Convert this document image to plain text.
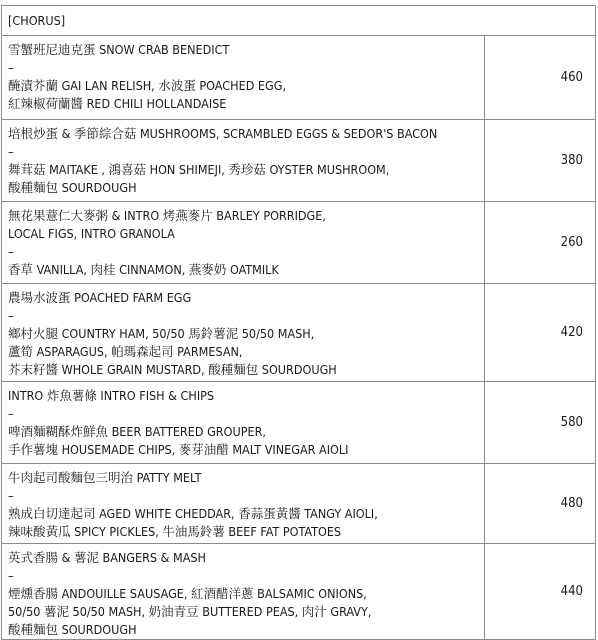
[CHORUS]
雪蟹班尼迪克蛋 SNOW CRAB BENEDICT
–
醃漬芥蘭 GAI LAN RELISH, 水波蛋 POACHED EGG,
紅辣椒荷蘭醬 RED CHILI HOLLANDAISE
460
培根炒蛋 & 季節綜合菇 MUSHROOMS, SCRAMBLED EGGS & SEDOR'S BACON
–
舞茸菇 MAITAKE , 鴻喜菇 HON SHIMEJI, 秀珍菇 OYSTER MUSHROOM,
酸種麵包 SOURDOUGH
380
無花果薏仁大麥粥 & INTRO 烤燕麥片 BARLEY PORRIDGE,
LOCAL FIGS, INTRO GRANOLA
–
香草 VANILLA, 肉桂 CINNAMON, 燕麥奶 OATMILK
260
農場水波蛋 POACHED FARM EGG
–
鄉村火腿 COUNTRY HAM, 50/50 馬鈴薯泥 50/50 MASH,
蘆筍 ASPARAGUS, 帕瑪森起司 PARMESAN,
芥末籽醬 WHOLE GRAIN MUSTARD, 酸種麵包 SOURDOUGH
420
INTRO 炸魚薯條 INTRO FISH & CHIPS
–
啤酒麵糊酥炸鮮魚 BEER BATTERED GROUPER,
手作薯塊 HOUSEMADE CHIPS, 麥芽油醋 MALT VINEGAR AIOLI
580
牛肉起司酸麵包三明治 PATTY MELT
–
熟成白切達起司 AGED WHITE CHEDDAR, 香蒜蛋黃醬 TANGY AIOLI,
辣味酸黃瓜 SPICY PICKLES, 牛油馬鈴薯 BEEF FAT POTATOES
480
英式香腸 & 薯泥 BANGERS & MASH
–
煙燻香腸 ANDOUILLE SAUSAGE, 紅酒醋洋蔥 BALSAMIC ONIONS,
50/50 薯泥 50/50 MASH, 奶油青豆 BUTTERED PEAS, 肉汁 GRAVY,
酸種麵包 SOURDOUGH
440
